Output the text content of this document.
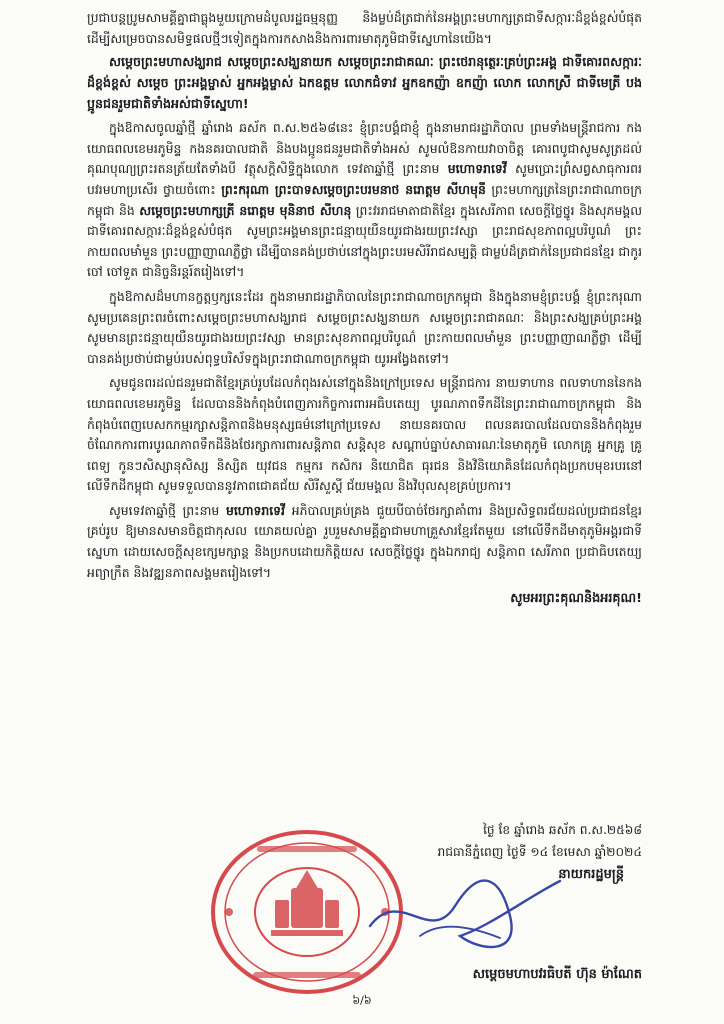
ប្រជាបន្តប្រូមសាមគ្គីគ្នាជាធ្លុងមួយក្រោមដំបូលរដ្ឋធម្មនុញ្ញ និងម្លប់ដ៏ត្រជាក់នៃអង្គព្រះមហាក្សត្រជាទីសក្ការៈដ៏ខ្ពង់ខ្ពស់បំផុត ដើម្បីសម្រេចបានសមិទ្ធផលថ្មីៗទៀតក្នុងការកសាងនិងការពារមាតុភូមិជាទីស្នេហានៃយើង។

សម្តេចព្រះមហាសង្ឃរាជ សម្តេចព្រះសង្ឃនាយក សម្តេចព្រះរាជាគណៈ ព្រះថេរានុត្ថេរៈគ្រប់ព្រះអង្គ ជាទីគោរពសក្ការៈដ៏ខ្ពង់ខ្ពស់ សម្តេច ព្រះអង្គម្ចាស់ អ្នកអង្គម្ចាស់ ឯកឧត្តម លោកជំទាវ អ្នកឧកញ៉ា ឧកញ៉ា លោក លោកស្រី ជាទីមេត្រី បងប្អូនជនរួមជាតិទាំងអស់ជាទីស្នេហា!

ក្នុងឱកាសចូលឆ្នាំថ្មី ឆ្នាំរោង ឆស័ក ព.ស.២៥៦៨នេះ ខ្ញុំព្រះបង្គំជាខ្ញុំ ក្នុងនាមរាជរដ្ឋាភិបាល ព្រមទាំងមន្ត្រីរាជការ កងយោធពលខេមរភូមិន្ទ កងនគរបាលជាតិ និងបងប្អូនជនរួមជាតិទាំងអស់ សូមលំឱនកាយវាចាចិត្ត គោរពបូជាសូមសូត្រដល់គុណបុណ្យព្រះរតនត្រ័យតែទាំងបី វត្ថុសក្តិសិទ្ធិក្នុងលោក ទេវតាឆ្នាំថ្មី ព្រះនាម មហោទរាទេវី សូមប្រោះព្រំសព្វសាធុការពរ បវរមហាប្រសើរ ថ្វាយចំពោះ ព្រះករុណា ព្រះបាទសម្តេចព្រះបរមនាថ នរោត្តម សីហមុនី ព្រះមហាក្សត្រនៃព្រះរាជាណាចក្រកម្ពុជា និង សម្តេចព្រះមហាក្សត្រី នរោត្តម មុនិនាថ សីហនុ ព្រះវររាជមាតាជាតិខ្មែរ ក្នុងសេរីភាព សេចក្តីថ្លៃថ្នូរ និងសុភមង្គល ជាទីគោរពសក្ការៈដ៏ខ្ពង់ខ្ពស់បំផុត សូមព្រះអង្គមានព្រះជន្មាយុយឺនយូរជាងរយព្រះវស្សា ព្រះរាជសុខភាពល្អបរិបូណ៌ ព្រះកាយពលមាំមួន ព្រះបញ្ញាញាណភ្លឺថ្លា ដើម្បីបានគង់ប្រថាប់នៅក្នុងព្រះបរមសិរីរាជសម្បត្តិ ជាម្លប់ដ៏ត្រជាក់នៃប្រជាជនខ្មែរ ជាកូរ ចៅ ចៅទួត ជានិច្ចនិរន្តរ៍តរៀងទៅ។

ក្នុងឱកាសដ៏មហានក្ខត្តឫក្សនេះដែរ ក្នុងនាមរាជរដ្ឋាភិបាលនៃព្រះរាជាណាចក្រកម្ពុជា និងក្នុងនាមខ្ញុំព្រះបង្គំ ខ្ញុំព្រះករុណា សូមប្រគេនព្រះពរចំពោះសម្តេចព្រះមហាសង្ឃរាជ សម្តេចព្រះសង្ឃនាយក សម្តេចព្រះរាជាគណៈ និងព្រះសង្ឃគ្រប់ព្រះអង្គ សូមមានព្រះជន្មាយុយឺនយូរជាងរយព្រះវស្សា មានព្រះសុខភាពល្អបរិបូណ៌ ព្រះកាយពលមាំមួន ព្រះបញ្ញាញាណភ្លឺថ្លា ដើម្បីបានគង់ប្រថាប់ជាម្លប់របស់ពុទ្ធបរិស័ទក្នុងព្រះរាជាណាចក្រកម្ពុជា យូរអង្វែងតទៅ។

សូមជូនពរដល់ជនរួមជាតិខ្មែរគ្រប់រូបដែលកំពុងរស់នៅក្នុងនិងក្រៅប្រទេស មន្ត្រីរាជការ នាយទាហាន ពលទាហាននៃកងយោធពលខេមរភូមិន្ទ ដែលបាននិងកំពុងបំពេញភារកិច្ចការពារអធិបតេយ្យ បូរណភាពទឹកដីនៃព្រះរាជាណាចក្រកម្ពុជា និងកំពុងបំពេញបេសកកម្មរក្សាសន្តិភាពនិងមនុស្សធម៌នៅក្រៅប្រទេស នាយនគរបាល ពលនគរបាលដែលបាននិងកំពុងរួមចំណែកការពារបូរណភាពទឹកដីនិងថែរក្សាការពារសន្តិភាព សន្តិសុខ សណ្តាប់ធ្នាប់សាធារណៈនៃមាតុភូមិ លោកគ្រូ អ្នកគ្រូ គ្រូពេទ្យ កូនៗសិស្សានុសិស្ស និស្សិត យុវជន កម្មករ កសិករ និយោជិត ធុរជន និងវិនិយោគិនដែលកំពុងប្រកបមុខរបរនៅលើទឹកដីកម្ពុជា សូមទទួលបាននូវភាពជោគជ័យ សិរីសួស្តី ជ័យមង្គល និងវិបុលសុខគ្រប់ប្រការ។

សូមទេវតាឆ្នាំថ្មី ព្រះនាម មហោទរាទេវី អភិបាលគ្រប់គ្រង ជួយបីបាច់ថែរក្សាគាំពារ និងប្រសិទ្ធពរជ័យដល់ប្រជាជនខ្មែរគ្រប់រូប ឱ្យមានសមានចិត្តជាកុសល យោគយល់គ្នា រួបរួមសាមគ្គីគ្នាជាមហាគ្រួសារខ្មែរតែមួយ នៅលើទឹកដីមាតុភូមិអង្គរជាទីស្នេហា ដោយសេចក្តីសុខក្សេមក្សាន្ត និងប្រកបដោយកិត្តិយស សេចក្តីថ្លៃថ្នូរ ក្នុងឯករាជ្យ សន្តិភាព សេរីភាព ប្រជាធិបតេយ្យ អព្យាក្រឹត និងវឌ្ឍនភាពសង្គមតរៀងទៅ។

សូមអរព្រះគុណនិងអរគុណ!

ថ្ងៃ ខែ ឆ្នាំរោង ឆស័ក ព.ស.២៥៦៨
រាជធានីភ្នំពេញ ថ្ងៃទី ១៤ ខែមេសា ឆ្នាំ២០២៤
នាយករដ្ឋមន្ត្រី
សម្តេចមហាបវរធិបតី ហ៊ុន ម៉ាណែត
៦/៦
